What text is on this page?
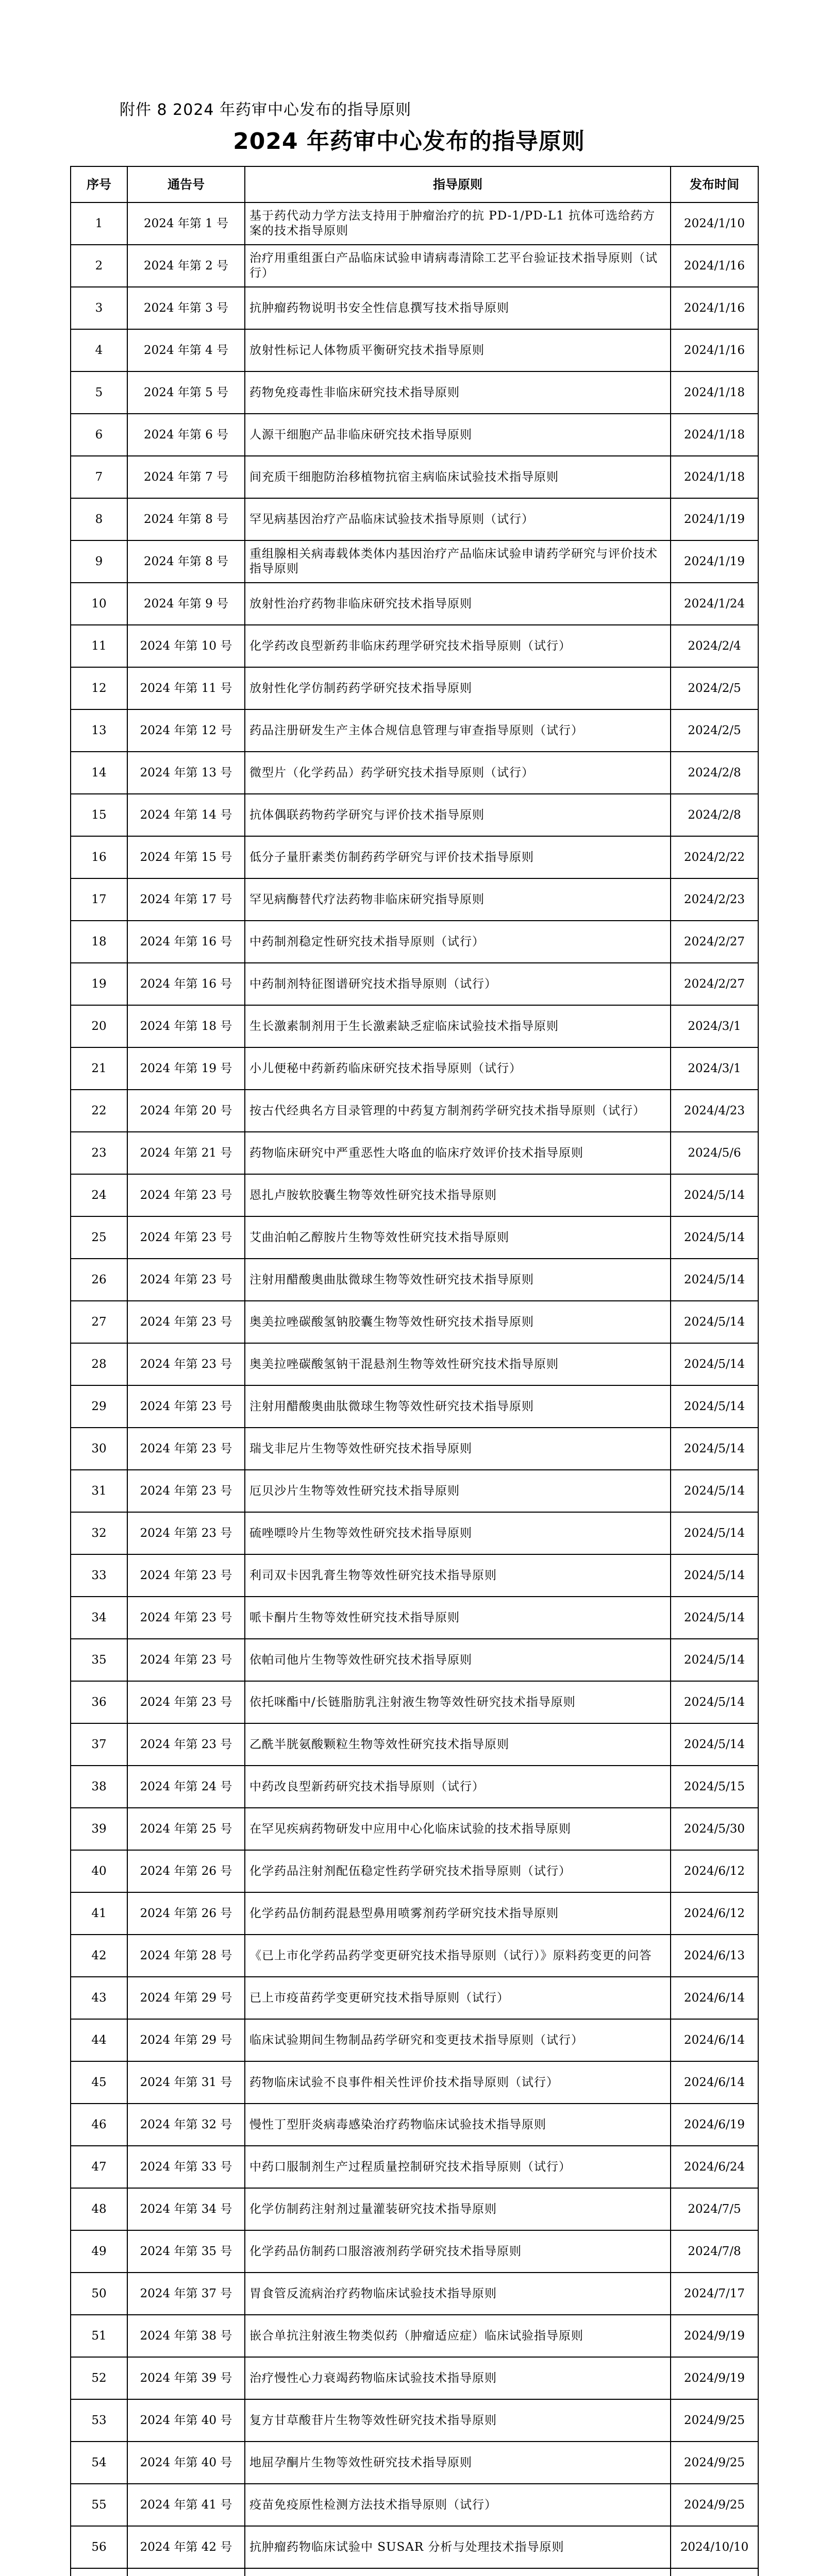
附件 8 2024 年药审中心发布的指导原则
2024 年药审中心发布的指导原则
序号	通告号	指导原则	发布时间
1	2024 年第 1 号	基于药代动力学方法支持用于肿瘤治疗的抗 PD-1/PD-L1 抗体可选给药方案的技术指导原则	2024/1/10
2	2024 年第 2 号	治疗用重组蛋白产品临床试验申请病毒清除工艺平台验证技术指导原则（试行）	2024/1/16
3	2024 年第 3 号	抗肿瘤药物说明书安全性信息撰写技术指导原则	2024/1/16
4	2024 年第 4 号	放射性标记人体物质平衡研究技术指导原则	2024/1/16
5	2024 年第 5 号	药物免疫毒性非临床研究技术指导原则	2024/1/18
6	2024 年第 6 号	人源干细胞产品非临床研究技术指导原则	2024/1/18
7	2024 年第 7 号	间充质干细胞防治移植物抗宿主病临床试验技术指导原则	2024/1/18
8	2024 年第 8 号	罕见病基因治疗产品临床试验技术指导原则（试行）	2024/1/19
9	2024 年第 8 号	重组腺相关病毒载体类体内基因治疗产品临床试验申请药学研究与评价技术指导原则	2024/1/19
10	2024 年第 9 号	放射性治疗药物非临床研究技术指导原则	2024/1/24
11	2024 年第 10 号	化学药改良型新药非临床药理学研究技术指导原则（试行）	2024/2/4
12	2024 年第 11 号	放射性化学仿制药药学研究技术指导原则	2024/2/5
13	2024 年第 12 号	药品注册研发生产主体合规信息管理与审查指导原则（试行）	2024/2/5
14	2024 年第 13 号	微型片（化学药品）药学研究技术指导原则（试行）	2024/2/8
15	2024 年第 14 号	抗体偶联药物药学研究与评价技术指导原则	2024/2/8
16	2024 年第 15 号	低分子量肝素类仿制药药学研究与评价技术指导原则	2024/2/22
17	2024 年第 17 号	罕见病酶替代疗法药物非临床研究指导原则	2024/2/23
18	2024 年第 16 号	中药制剂稳定性研究技术指导原则（试行）	2024/2/27
19	2024 年第 16 号	中药制剂特征图谱研究技术指导原则（试行）	2024/2/27
20	2024 年第 18 号	生长激素制剂用于生长激素缺乏症临床试验技术指导原则	2024/3/1
21	2024 年第 19 号	小儿便秘中药新药临床研究技术指导原则（试行）	2024/3/1
22	2024 年第 20 号	按古代经典名方目录管理的中药复方制剂药学研究技术指导原则（试行）	2024/4/23
23	2024 年第 21 号	药物临床研究中严重恶性大咯血的临床疗效评价技术指导原则	2024/5/6
24	2024 年第 23 号	恩扎卢胺软胶囊生物等效性研究技术指导原则	2024/5/14
25	2024 年第 23 号	艾曲泊帕乙醇胺片生物等效性研究技术指导原则	2024/5/14
26	2024 年第 23 号	注射用醋酸奥曲肽微球生物等效性研究技术指导原则	2024/5/14
27	2024 年第 23 号	奥美拉唑碳酸氢钠胶囊生物等效性研究技术指导原则	2024/5/14
28	2024 年第 23 号	奥美拉唑碳酸氢钠干混悬剂生物等效性研究技术指导原则	2024/5/14
29	2024 年第 23 号	注射用醋酸奥曲肽微球生物等效性研究技术指导原则	2024/5/14
30	2024 年第 23 号	瑞戈非尼片生物等效性研究技术指导原则	2024/5/14
31	2024 年第 23 号	厄贝沙片生物等效性研究技术指导原则	2024/5/14
32	2024 年第 23 号	硫唑嘌呤片生物等效性研究技术指导原则	2024/5/14
33	2024 年第 23 号	利司双卡因乳膏生物等效性研究技术指导原则	2024/5/14
34	2024 年第 23 号	哌卡酮片生物等效性研究技术指导原则	2024/5/14
35	2024 年第 23 号	依帕司他片生物等效性研究技术指导原则	2024/5/14
36	2024 年第 23 号	依托咪酯中/长链脂肪乳注射液生物等效性研究技术指导原则	2024/5/14
37	2024 年第 23 号	乙酰半胱氨酸颗粒生物等效性研究技术指导原则	2024/5/14
38	2024 年第 24 号	中药改良型新药研究技术指导原则（试行）	2024/5/15
39	2024 年第 25 号	在罕见疾病药物研发中应用中心化临床试验的技术指导原则	2024/5/30
40	2024 年第 26 号	化学药品注射剂配伍稳定性药学研究技术指导原则（试行）	2024/6/12
41	2024 年第 26 号	化学药品仿制药混悬型鼻用喷雾剂药学研究技术指导原则	2024/6/12
42	2024 年第 28 号	《已上市化学药品药学变更研究技术指导原则（试行）》原料药变更的问答	2024/6/13
43	2024 年第 29 号	已上市疫苗药学变更研究技术指导原则（试行）	2024/6/14
44	2024 年第 29 号	临床试验期间生物制品药学研究和变更技术指导原则（试行）	2024/6/14
45	2024 年第 31 号	药物临床试验不良事件相关性评价技术指导原则（试行）	2024/6/14
46	2024 年第 32 号	慢性丁型肝炎病毒感染治疗药物临床试验技术指导原则	2024/6/19
47	2024 年第 33 号	中药口服制剂生产过程质量控制研究技术指导原则（试行）	2024/6/24
48	2024 年第 34 号	化学仿制药注射剂过量灌装研究技术指导原则	2024/7/5
49	2024 年第 35 号	化学药品仿制药口服溶液剂药学研究技术指导原则	2024/7/8
50	2024 年第 37 号	胃食管反流病治疗药物临床试验技术指导原则	2024/7/17
51	2024 年第 38 号	嵌合单抗注射液生物类似药（肿瘤适应症）临床试验指导原则	2024/9/19
52	2024 年第 39 号	治疗慢性心力衰竭药物临床试验技术指导原则	2024/9/19
53	2024 年第 40 号	复方甘草酸苷片生物等效性研究技术指导原则	2024/9/25
54	2024 年第 40 号	地屈孕酮片生物等效性研究技术指导原则	2024/9/25
55	2024 年第 41 号	疫苗免疫原性检测方法技术指导原则（试行）	2024/9/25
56	2024 年第 42 号	抗肿瘤药物临床试验中 SUSAR 分析与处理技术指导原则	2024/10/10
